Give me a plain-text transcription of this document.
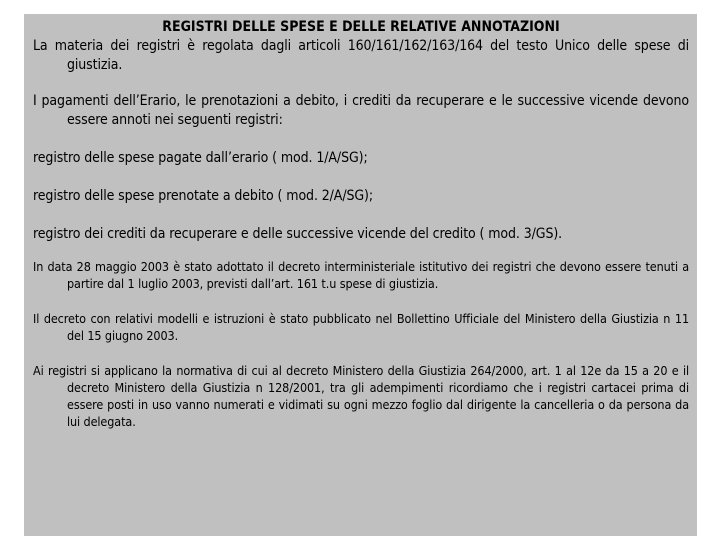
REGISTRI DELLE SPESE E DELLE RELATIVE ANNOTAZIONI

La materia dei registri è regolata dagli articoli 160/161/162/163/164 del testo Unico delle spese di giustizia.

I pagamenti dell’Erario, le prenotazioni a debito, i crediti da recuperare e le successive vicende devono essere annoti nei seguenti registri:

registro delle spese pagate dall’erario ( mod. 1/A/SG);

registro delle spese prenotate a debito ( mod. 2/A/SG);

registro dei crediti da recuperare e delle successive vicende del credito ( mod. 3/GS).

In data 28 maggio 2003 è stato adottato il decreto interministeriale istitutivo dei registri che devono essere tenuti a partire dal 1 luglio 2003, previsti dall’art. 161 t.u spese di giustizia.

Il decreto con relativi modelli e istruzioni è stato pubblicato nel Bollettino Ufficiale del Ministero della Giustizia n 11 del 15 giugno 2003.

Ai registri si applicano la normativa di cui al decreto Ministero della Giustizia 264/2000, art. 1 al 12e da 15 a 20 e il decreto Ministero della Giustizia n 128/2001, tra gli adempimenti ricordiamo che i registri cartacei prima di essere posti in uso vanno numerati e vidimati su ogni mezzo foglio dal dirigente la cancelleria o da persona da lui delegata.
